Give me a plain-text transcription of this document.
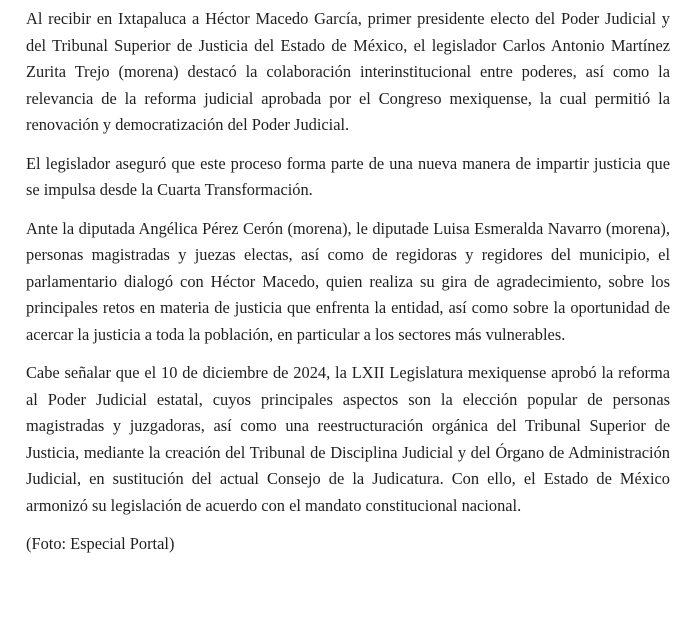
Al recibir en Ixtapaluca a Héctor Macedo García, primer presidente electo del Poder Judicial y del Tribunal Superior de Justicia del Estado de México, el legislador Carlos Antonio Martínez Zurita Trejo (morena) destacó la colaboración interinstitucional entre poderes, así como la relevancia de la reforma judicial aprobada por el Congreso mexiquense, la cual permitió la renovación y democratización del Poder Judicial.

El legislador aseguró que este proceso forma parte de una nueva manera de impartir justicia que se impulsa desde la Cuarta Transformación.

Ante la diputada Angélica Pérez Cerón (morena), le diputade Luisa Esmeralda Navarro (morena), personas magistradas y juezas electas, así como de regidoras y regidores del municipio, el parlamentario dialogó con Héctor Macedo, quien realiza su gira de agradecimiento, sobre los principales retos en materia de justicia que enfrenta la entidad, así como sobre la oportunidad de acercar la justicia a toda la población, en particular a los sectores más vulnerables.

Cabe señalar que el 10 de diciembre de 2024, la LXII Legislatura mexiquense aprobó la reforma al Poder Judicial estatal, cuyos principales aspectos son la elección popular de personas magistradas y juzgadoras, así como una reestructuración orgánica del Tribunal Superior de Justicia, mediante la creación del Tribunal de Disciplina Judicial y del Órgano de Administración Judicial, en sustitución del actual Consejo de la Judicatura. Con ello, el Estado de México armonizó su legislación de acuerdo con el mandato constitucional nacional.

(Foto: Especial Portal)
